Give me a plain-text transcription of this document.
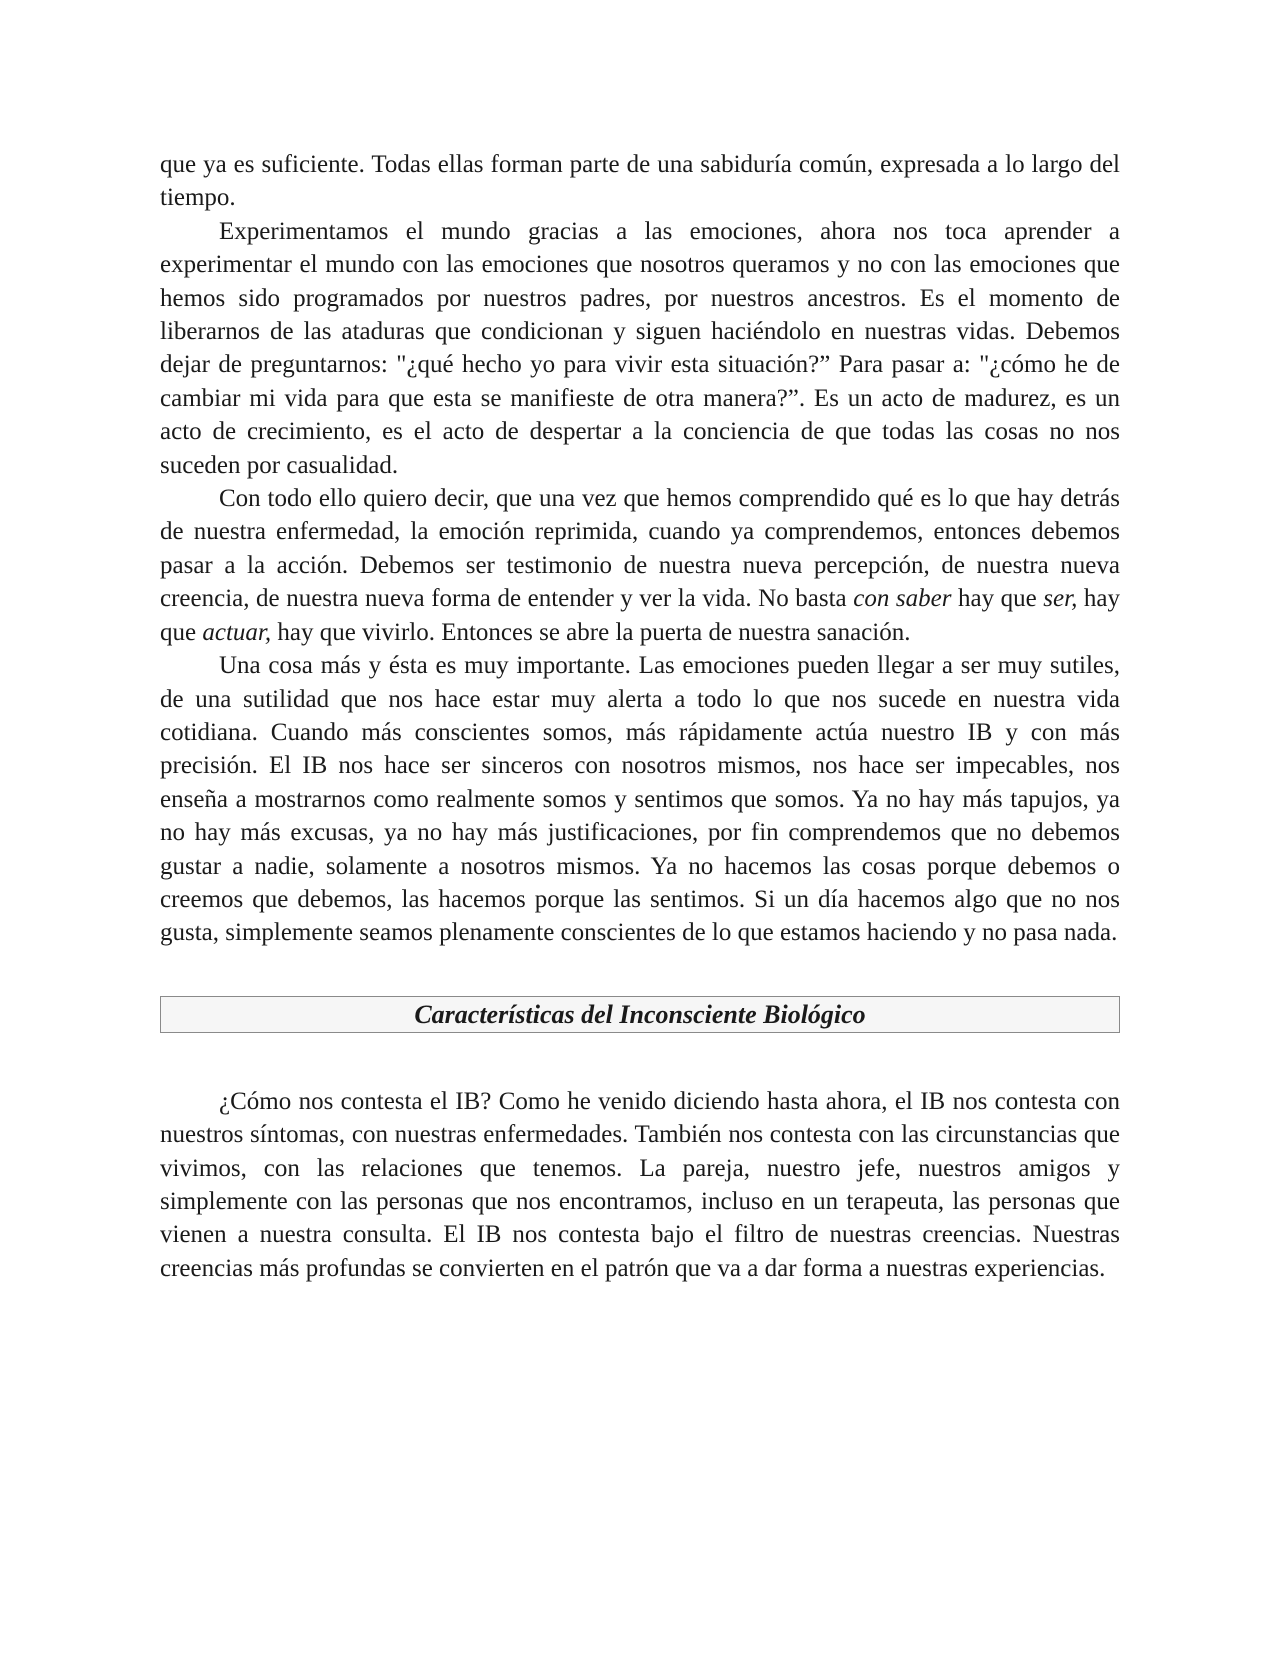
que ya es suficiente. Todas ellas forman parte de una sabiduría común, expresada a lo largo del tiempo.

Experimentamos el mundo gracias a las emociones, ahora nos toca aprender a experimentar el mundo con las emociones que nosotros queramos y no con las emociones que hemos sido programados por nuestros padres, por nuestros ancestros. Es el momento de liberarnos de las ataduras que condicionan y siguen haciéndolo en nuestras vidas. Debemos dejar de preguntarnos: "¿qué hecho yo para vivir esta situación?” Para pasar a: "¿cómo he de cambiar mi vida para que esta se manifieste de otra manera?”. Es un acto de madurez, es un acto de crecimiento, es el acto de despertar a la conciencia de que todas las cosas no nos suceden por casualidad.

Con todo ello quiero decir, que una vez que hemos comprendido qué es lo que hay detrás de nuestra enfermedad, la emoción reprimida, cuando ya comprendemos, entonces debemos pasar a la acción. Debemos ser testimonio de nuestra nueva percepción, de nuestra nueva creencia, de nuestra nueva forma de entender y ver la vida. No basta con saber hay que ser, hay que actuar, hay que vivirlo. Entonces se abre la puerta de nuestra sanación.

Una cosa más y ésta es muy importante. Las emociones pueden llegar a ser muy sutiles, de una sutilidad que nos hace estar muy alerta a todo lo que nos sucede en nuestra vida cotidiana. Cuando más conscientes somos, más rápidamente actúa nuestro IB y con más precisión. El IB nos hace ser sinceros con nosotros mismos, nos hace ser impecables, nos enseña a mostrarnos como realmente somos y sentimos que somos. Ya no hay más tapujos, ya no hay más excusas, ya no hay más justificaciones, por fin comprendemos que no debemos gustar a nadie, solamente a nosotros mismos. Ya no hacemos las cosas porque debemos o creemos que debemos, las hacemos porque las sentimos. Si un día hacemos algo que no nos gusta, simplemente seamos plenamente conscientes de lo que estamos haciendo y no pasa nada.

Características del Inconsciente Biológico

¿Cómo nos contesta el IB? Como he venido diciendo hasta ahora, el IB nos contesta con nuestros síntomas, con nuestras enfermedades. También nos contesta con las circunstancias que vivimos, con las relaciones que tenemos. La pareja, nuestro jefe, nuestros amigos y simplemente con las personas que nos encontramos, incluso en un terapeuta, las personas que vienen a nuestra consulta. El IB nos contesta bajo el filtro de nuestras creencias. Nuestras creencias más profundas se convierten en el patrón que va a dar forma a nuestras experiencias.
